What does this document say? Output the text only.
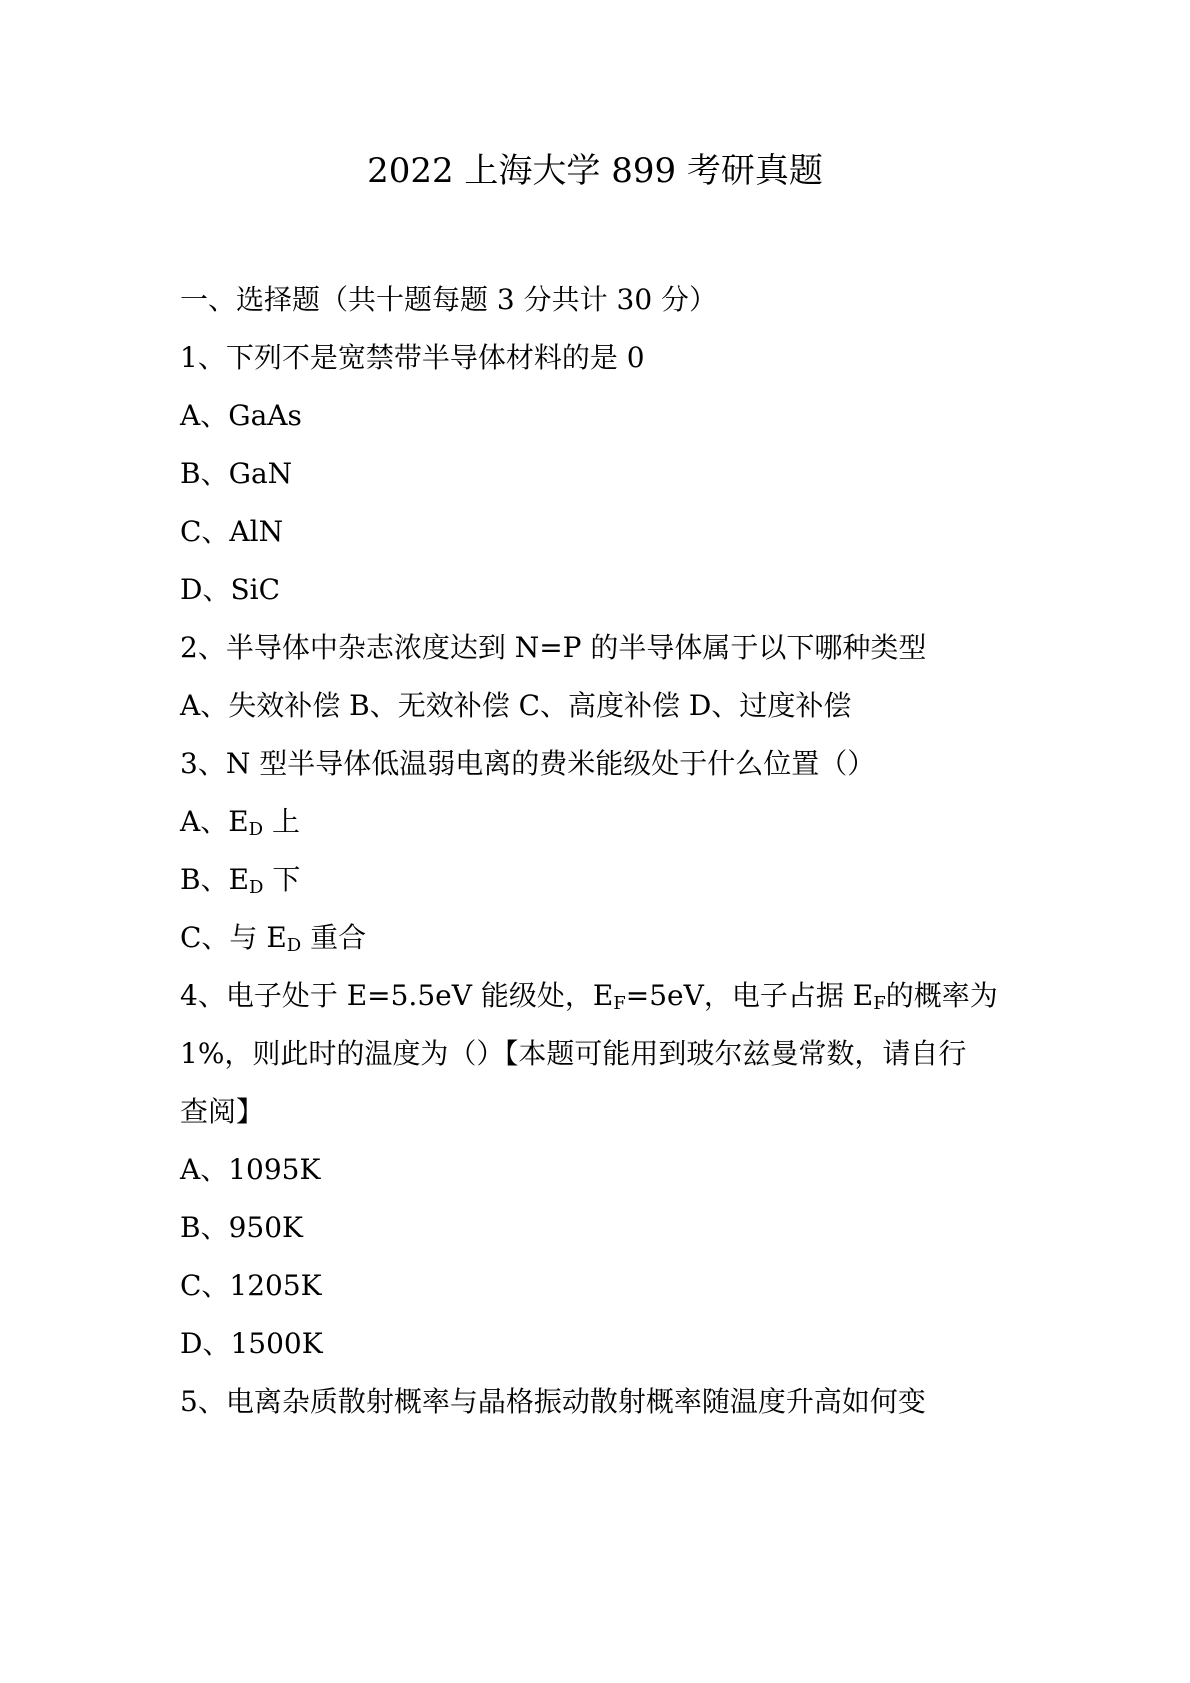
2022 上海大学 899 考研真题
一、选择题（共十题每题 3 分共计 30 分）
1、下列不是宽禁带半导体材料的是 0
A、GaAs
B、GaN
C、AlN
D、SiC
2、半导体中杂志浓度达到 N=P 的半导体属于以下哪种类型
A、失效补偿 B、无效补偿 C、高度补偿 D、过度补偿
3、N 型半导体低温弱电离的费米能级处于什么位置（）
A、$E_D$ 上
B、$E_D$ 下
C、与 $E_D$ 重合
4、电子处于 E=5.5eV 能级处，$E_F=5eV$，电子占据 $E_F$的概率为
1%，则此时的温度为（）【本题可能用到玻尔兹曼常数，请自行
查阅】
A、1095K
B、950K
C、1205K
D、1500K
5、电离杂质散射概率与晶格振动散射概率随温度升高如何变
